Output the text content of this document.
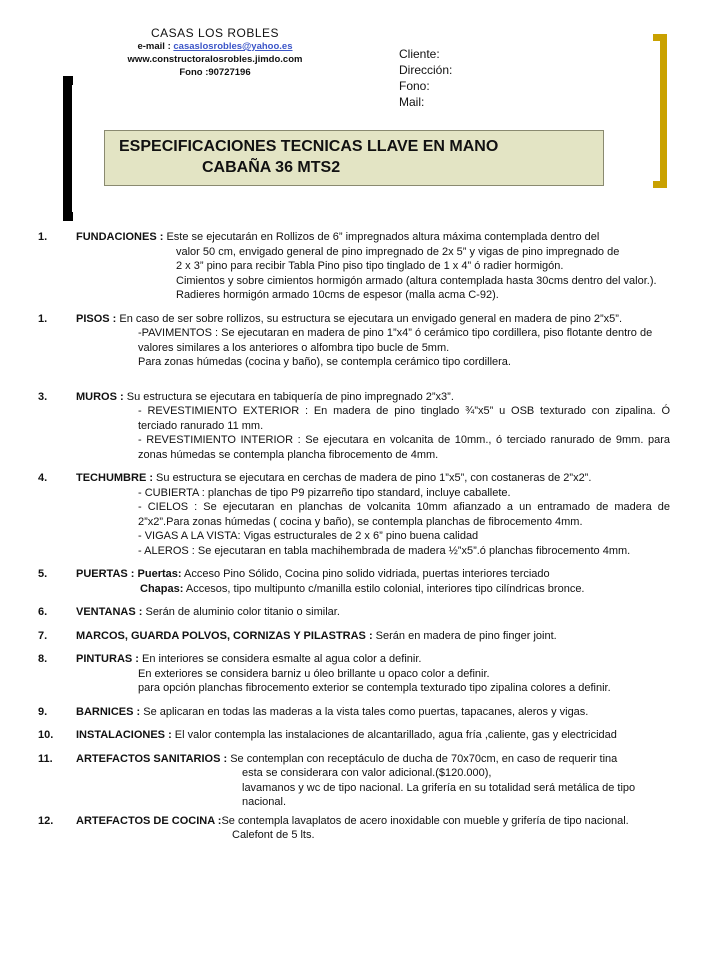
CASAS LOS ROBLES
e-mail : casaslosrobles@yahoo.es
www.constructoralosrobles.jimdo.com
Fono :90727196
Cliente:
Dirección:
Fono:
Mail:
ESPECIFICACIONES TECNICAS LLAVE EN MANO
CABAÑA 36 MTS2
1.	FUNDACIONES : Este se ejecutarán en Rollizos de 6” impregnados altura máxima contemplada dentro del
valor 50 cm, envigado general de pino impregnado de 2x 5” y vigas de pino impregnado de
2 x 3” pino para recibir Tabla Pino piso tipo tinglado de 1 x 4” ó radier hormigón.
Cimientos y sobre cimientos hormigón armado (altura contemplada hasta 30cms dentro del valor.).
Radieres hormigón armado 10cms de espesor (malla acma C-92).
1.	PISOS : En caso de ser sobre rollizos, su estructura se ejecutara un envigado general en madera de pino 2”x5”.
-PAVIMENTOS : Se ejecutaran en madera de pino 1”x4” ó cerámico tipo cordillera, piso flotante dentro de valores similares a los anteriores o alfombra tipo bucle de 5mm.
Para zonas húmedas (cocina y baño), se contempla cerámico tipo cordillera.
3.	MUROS : Su estructura se ejecutara en tabiquería de pino impregnado 2”x3”.
- REVESTIMIENTO EXTERIOR : En madera de pino tinglado ¾”x5” u OSB texturado con zipalina. Ó terciado ranurado 11 mm.
- REVESTIMIENTO INTERIOR : Se ejecutara en volcanita de 10mm., ó terciado ranurado de 9mm. para zonas húmedas se contempla plancha fibrocemento de 4mm.
4.	TECHUMBRE : Su estructura se ejecutara en cerchas de madera de pino 1”x5”, con costaneras de 2”x2”.
- CUBIERTA : planchas de tipo P9 pizarreño tipo standard, incluye caballete.
- CIELOS : Se ejecutaran en planchas de volcanita 10mm afianzado a un entramado de madera de 2”x2”.Para zonas húmedas ( cocina y baño), se contempla planchas de fibrocemento 4mm.
- VIGAS A LA VISTA: Vigas estructurales de 2 x 6” pino buena calidad
- ALEROS : Se ejecutaran en tabla machihembrada de madera ½”x5”.ó planchas fibrocemento 4mm.
5.	PUERTAS : Puertas: Acceso Pino Sólido, Cocina pino solido vidriada, puertas interiores terciado
Chapas: Accesos, tipo multipunto c/manilla estilo colonial, interiores tipo cilíndricas bronce.
6.	VENTANAS : Serán de aluminio color titanio o similar.
7.	MARCOS, GUARDA POLVOS, CORNIZAS Y PILASTRAS : Serán en madera de pino finger joint.
8.	PINTURAS : En interiores se considera esmalte al agua color a definir.
En exteriores se considera barniz u óleo brillante u opaco color a definir.
para opción planchas fibrocemento exterior se contempla texturado tipo zipalina colores a definir.
9.	BARNICES : Se aplicaran en todas las maderas a la vista tales como puertas, tapacanes, aleros y vigas.
10. INSTALACIONES : El valor contempla las instalaciones de alcantarillado, agua fría ,caliente, gas y electricidad
11. ARTEFACTOS SANITARIOS : Se contemplan con receptáculo de ducha de 70x70cm, en caso de requerir tina
esta se considerara con valor adicional.($120.000),
lavamanos y wc de tipo nacional. La grifería en su totalidad será metálica de tipo nacional.
12. ARTEFACTOS DE COCINA :Se contempla lavaplatos de acero inoxidable con mueble y grifería de tipo nacional.
Calefont de 5 lts.
